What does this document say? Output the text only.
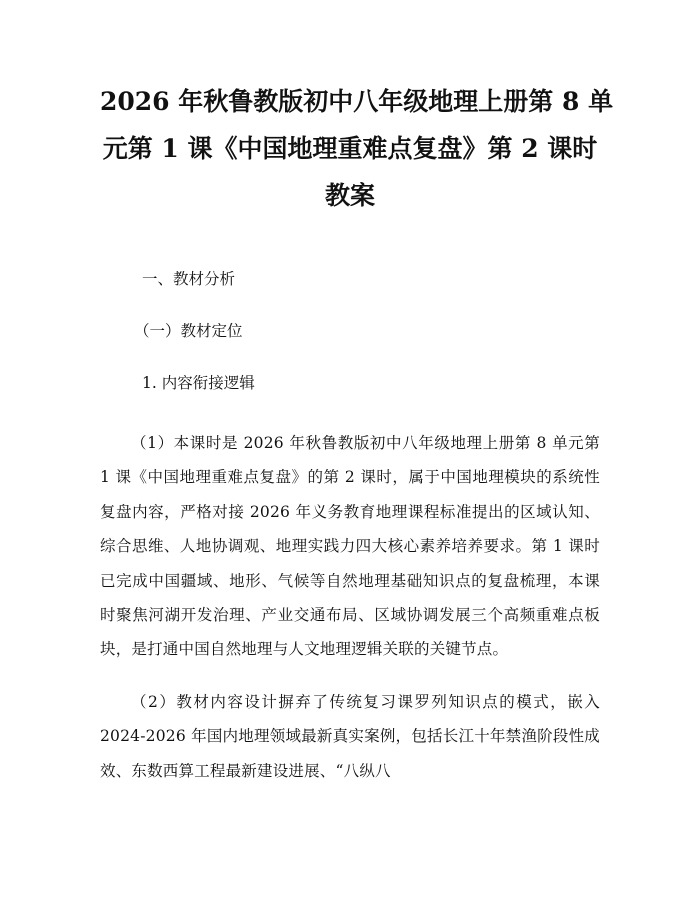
2026 年秋鲁教版初中八年级地理上册第 8 单
元第 1 课《中国地理重难点复盘》第 2 课时
教案

一、教材分析

（一）教材定位

1. 内容衔接逻辑

（1）本课时是 2026 年秋鲁教版初中八年级地理上册第 8 单元第 1 课《中国地理重难点复盘》的第 2 课时，属于中国地理模块的系统性复盘内容，严格对接 2026 年义务教育地理课程标准提出的区域认知、综合思维、人地协调观、地理实践力四大核心素养培养要求。第 1 课时已完成中国疆域、地形、气候等自然地理基础知识点的复盘梳理，本课时聚焦河湖开发治理、产业交通布局、区域协调发展三个高频重难点板块，是打通中国自然地理与人文地理逻辑关联的关键节点。

（2）教材内容设计摒弃了传统复习课罗列知识点的模式，嵌入 2024-2026 年国内地理领域最新真实案例，包括长江十年禁渔阶段性成效、东数西算工程最新建设进展、“八纵八
